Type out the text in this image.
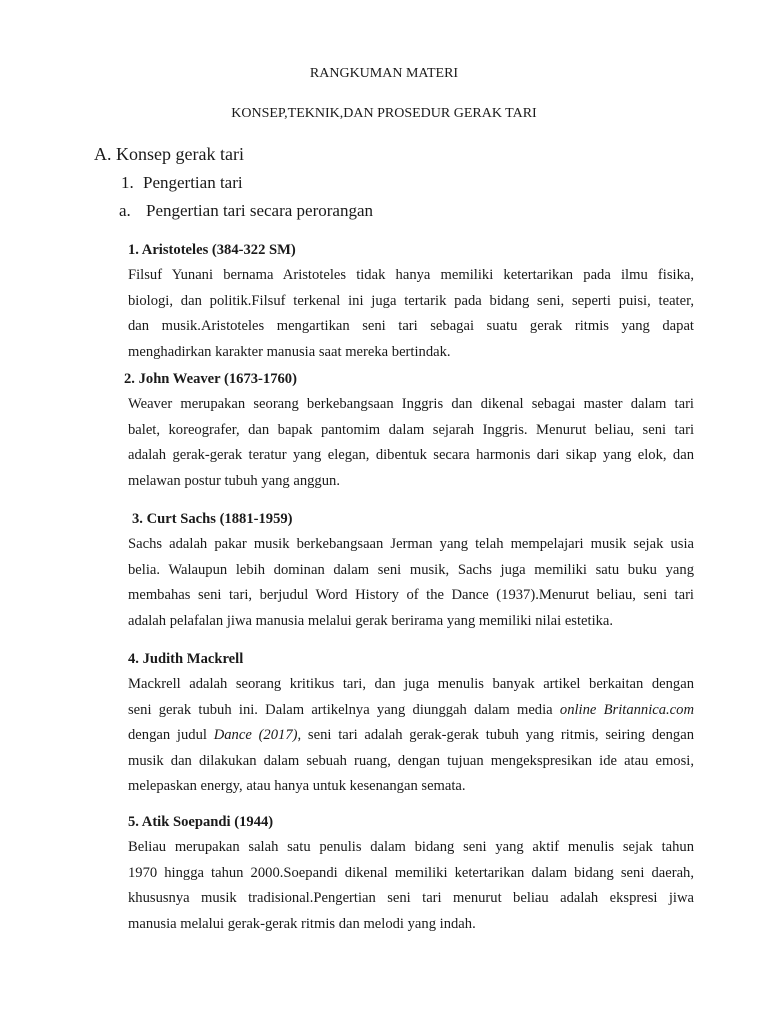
RANGKUMAN MATERI
KONSEP,TEKNIK,DAN PROSEDUR GERAK TARI
A. Konsep gerak tari
1. Pengertian tari
a. Pengertian tari secara perorangan
1. Aristoteles (384-322 SM)
Filsuf Yunani bernama Aristoteles tidak hanya memiliki ketertarikan pada ilmu fisika,
biologi, dan politik.Filsuf terkenal ini juga tertarik pada bidang seni, seperti puisi, teater,
dan musik.Aristoteles mengartikan seni tari sebagai suatu gerak ritmis yang dapat
menghadirkan karakter manusia saat mereka bertindak.
2. John Weaver (1673-1760)
Weaver merupakan seorang berkebangsaan Inggris dan dikenal sebagai master dalam tari
balet, koreografer, dan bapak pantomim dalam sejarah Inggris. Menurut beliau, seni tari
adalah gerak-gerak teratur yang elegan, dibentuk secara harmonis dari sikap yang elok, dan
melawan postur tubuh yang anggun.
3. Curt Sachs (1881-1959)
Sachs adalah pakar musik berkebangsaan Jerman yang telah mempelajari musik sejak usia
belia. Walaupun lebih dominan dalam seni musik, Sachs juga memiliki satu buku yang
membahas seni tari, berjudul Word History of the Dance (1937).Menurut beliau, seni tari
adalah pelafalan jiwa manusia melalui gerak berirama yang memiliki nilai estetika.
4. Judith Mackrell
Mackrell adalah seorang kritikus tari, dan juga menulis banyak artikel berkaitan dengan
seni gerak tubuh ini. Dalam artikelnya yang diunggah dalam media online Britannica.com
dengan judul Dance (2017), seni tari adalah gerak-gerak tubuh yang ritmis, seiring dengan
musik dan dilakukan dalam sebuah ruang, dengan tujuan mengekspresikan ide atau emosi,
melepaskan energy, atau hanya untuk kesenangan semata.
5. Atik Soepandi (1944)
Beliau merupakan salah satu penulis dalam bidang seni yang aktif menulis sejak tahun
1970 hingga tahun 2000.Soepandi dikenal memiliki ketertarikan dalam bidang seni daerah,
khususnya musik tradisional.Pengertian seni tari menurut beliau adalah ekspresi jiwa
manusia melalui gerak-gerak ritmis dan melodi yang indah.
